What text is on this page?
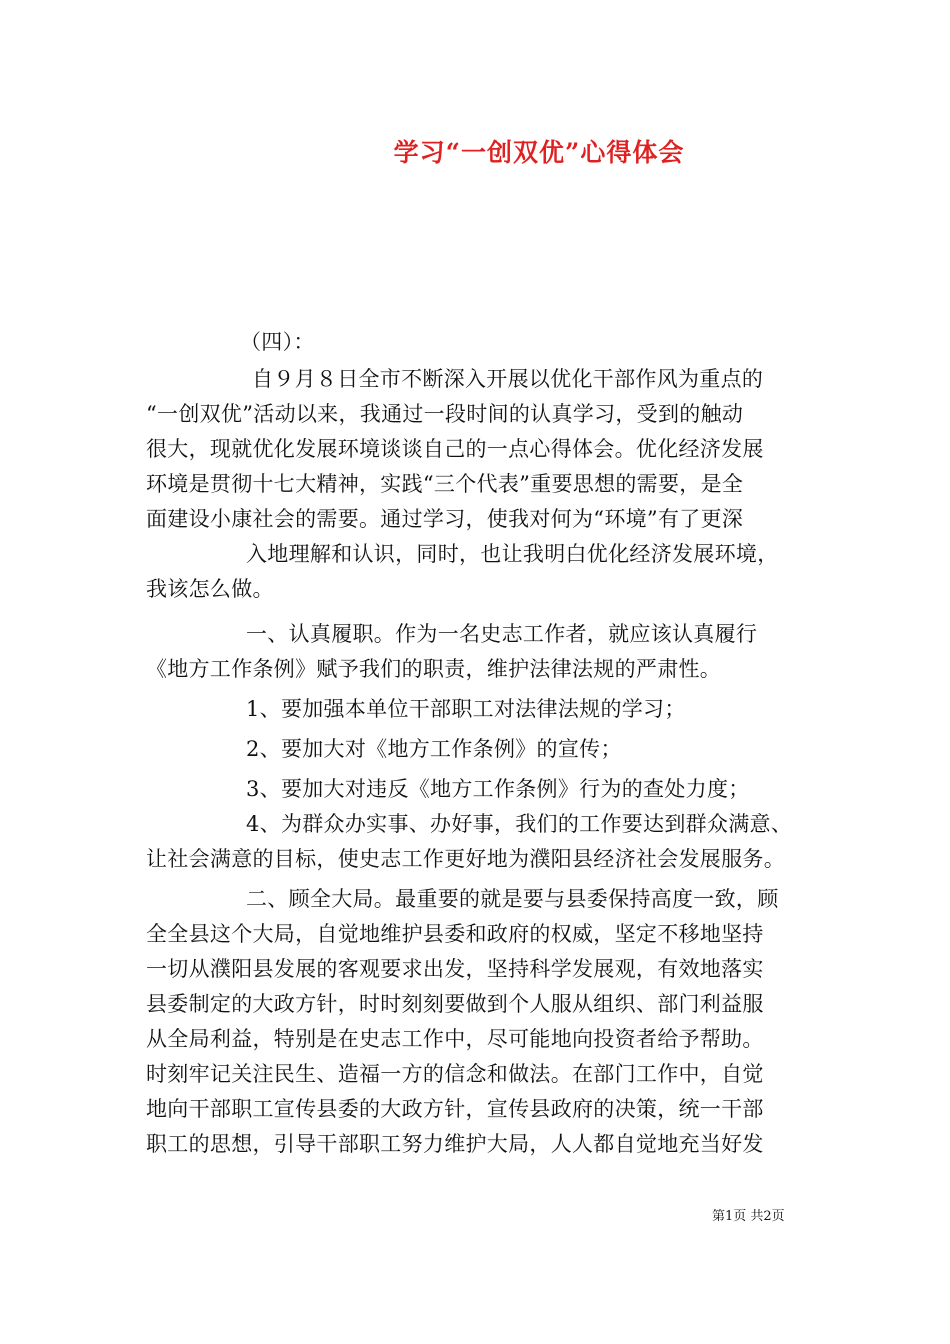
学习“一创双优”心得体会
（四）：
自９月８日全市不断深入开展以优化干部作风为重点的
“一创双优”活动以来，我通过一段时间的认真学习，受到的触动
很大，现就优化发展环境谈谈自己的一点心得体会。优化经济发展
环境是贯彻十七大精神，实践“三个代表”重要思想的需要，是全
面建设小康社会的需要。通过学习，使我对何为“环境”有了更深
入地理解和认识，同时，也让我明白优化经济发展环境，
我该怎么做。
一、认真履职。作为一名史志工作者，就应该认真履行
《地方工作条例》赋予我们的职责，维护法律法规的严肃性。
1、要加强本单位干部职工对法律法规的学习；
2、要加大对《地方工作条例》的宣传；
3、要加大对违反《地方工作条例》行为的查处力度；
4、为群众办实事、办好事，我们的工作要达到群众满意、
让社会满意的目标，使史志工作更好地为濮阳县经济社会发展服务。
二、顾全大局。最重要的就是要与县委保持高度一致，顾
全全县这个大局，自觉地维护县委和政府的权威，坚定不移地坚持
一切从濮阳县发展的客观要求出发，坚持科学发展观，有效地落实
县委制定的大政方针，时时刻刻要做到个人服从组织、部门利益服
从全局利益，特别是在史志工作中，尽可能地向投资者给予帮助。
时刻牢记关注民生、造福一方的信念和做法。在部门工作中，自觉
地向干部职工宣传县委的大政方针，宣传县政府的决策，统一干部
职工的思想，引导干部职工努力维护大局，人人都自觉地充当好发
第1页 共2页
